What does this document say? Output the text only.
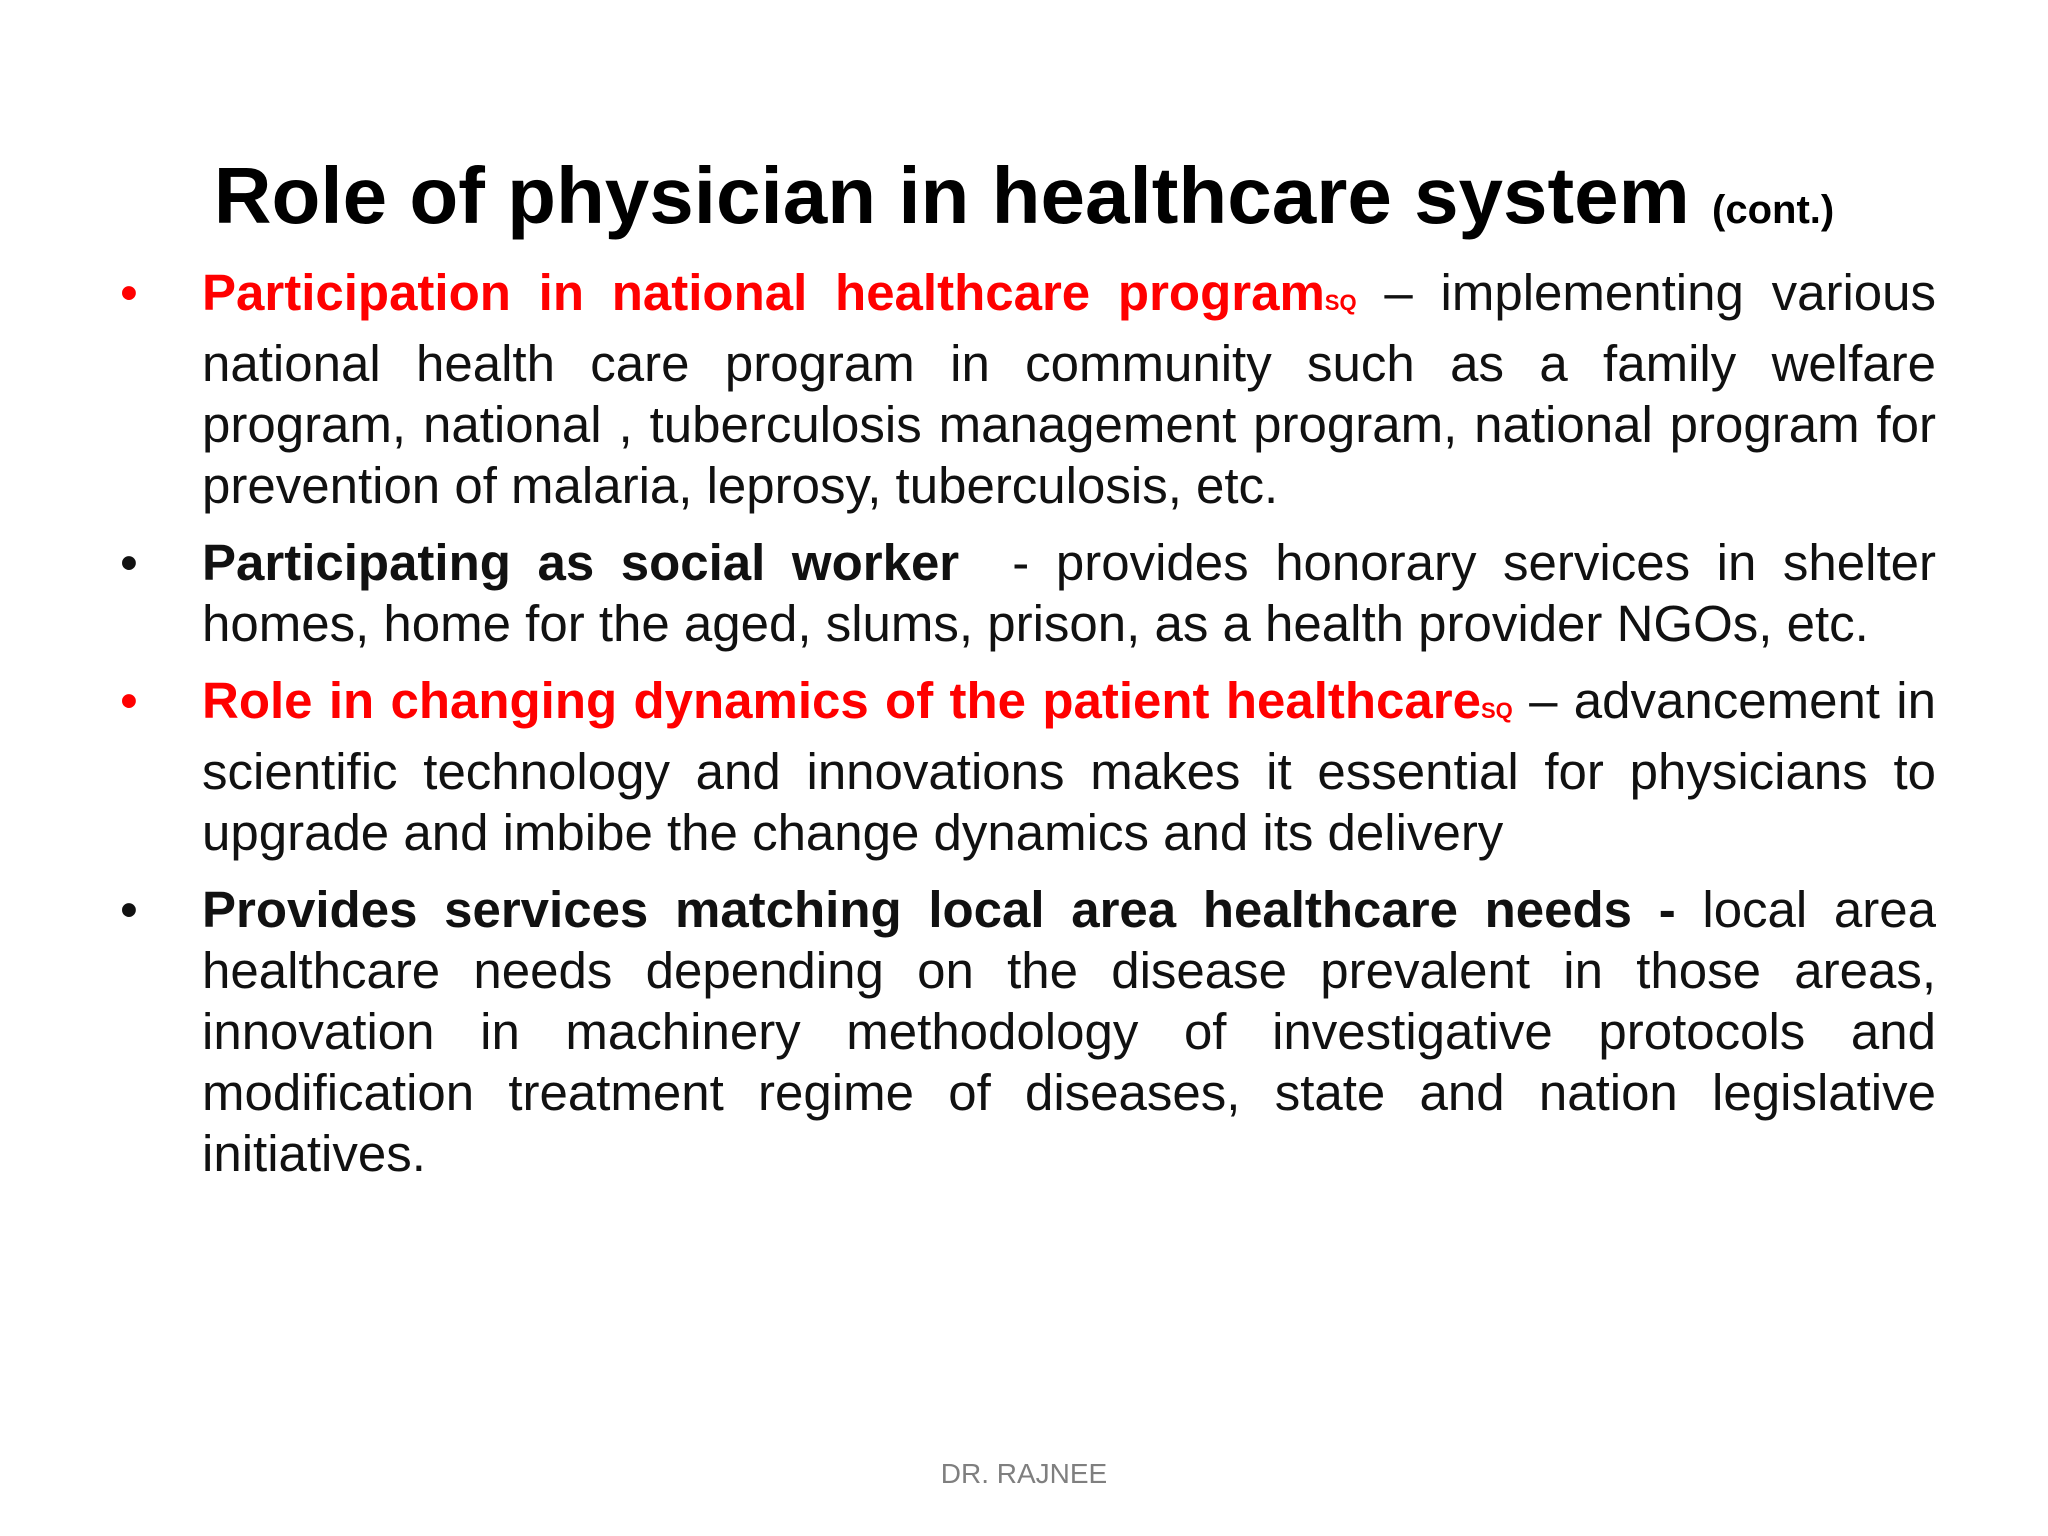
Role of physician in healthcare system (cont.)
•	Participation in national healthcare programSQ – implementing various national health care program in community such as a family welfare program, national , tuberculosis management program, national program for prevention of malaria, leprosy, tuberculosis, etc.
•	Participating as social worker  - provides honorary services in shelter homes, home for the aged, slums, prison, as a health provider NGOs, etc.
•	Role in changing dynamics of the patient healthcareSQ – advancement in scientific technology and innovations makes it essential for physicians to upgrade and imbibe the change dynamics and its delivery
•	Provides services matching local area healthcare needs - local area healthcare needs depending on the disease prevalent in those areas, innovation in machinery methodology of investigative protocols and modification treatment regime of diseases, state and nation legislative initiatives.
DR. RAJNEE
